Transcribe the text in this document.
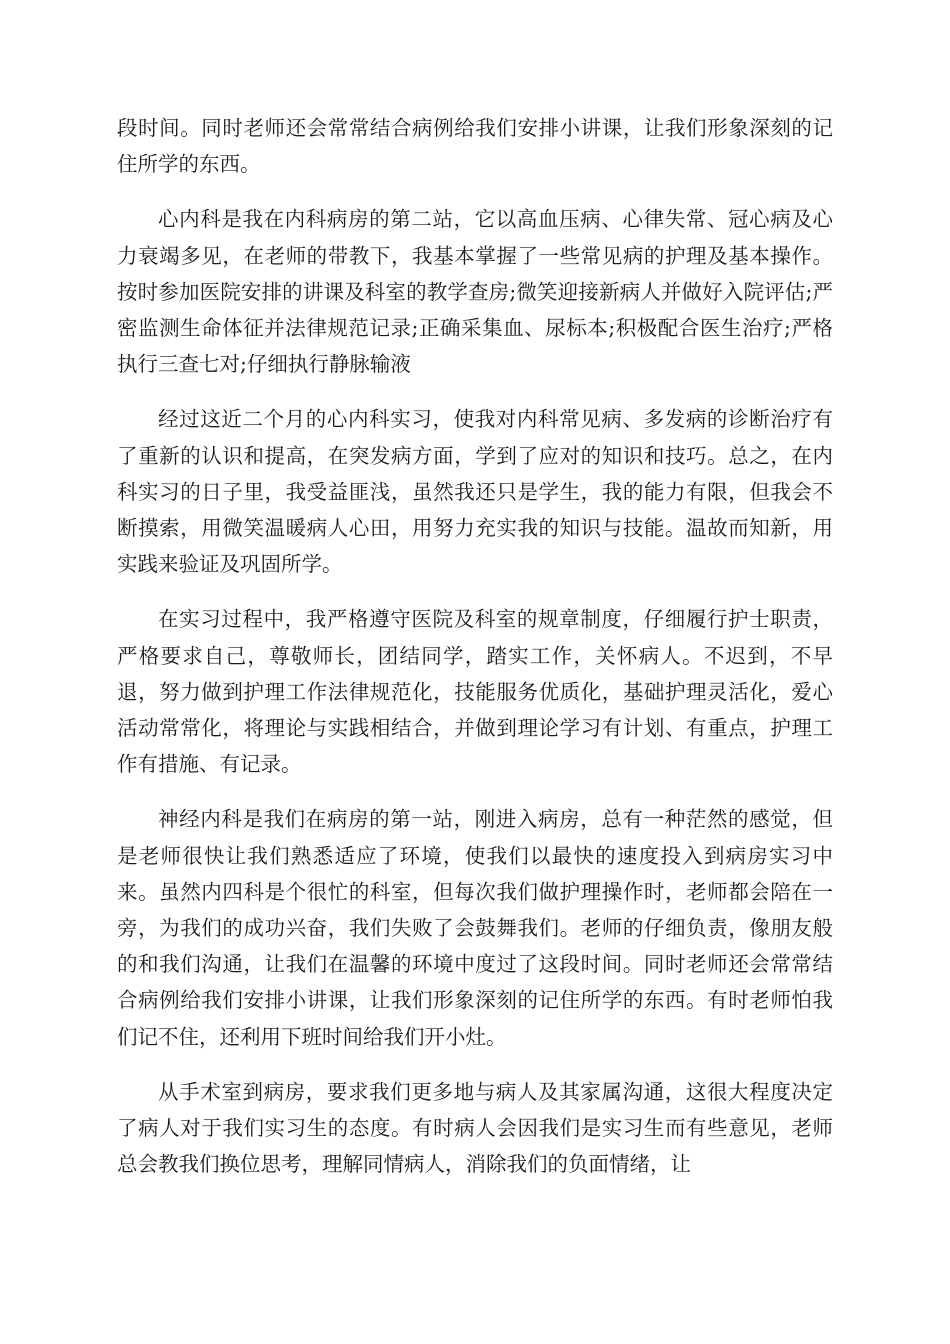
段时间。同时老师还会常常结合病例给我们安排小讲课，让我们形象深刻的记住所学的东西。

心内科是我在内科病房的第二站，它以高血压病、心律失常、冠心病及心力衰竭多见，在老师的带教下，我基本掌握了一些常见病的护理及基本操作。按时参加医院安排的讲课及科室的教学查房;微笑迎接新病人并做好入院评估;严密监测生命体征并法律规范记录;正确采集血、尿标本;积极配合医生治疗;严格执行三查七对;仔细执行静脉输液

经过这近二个月的心内科实习，使我对内科常见病、多发病的诊断治疗有了重新的认识和提高，在突发病方面，学到了应对的知识和技巧。总之，在内科实习的日子里，我受益匪浅，虽然我还只是学生，我的能力有限，但我会不断摸索，用微笑温暖病人心田，用努力充实我的知识与技能。温故而知新，用实践来验证及巩固所学。

在实习过程中，我严格遵守医院及科室的规章制度，仔细履行护士职责，严格要求自己，尊敬师长，团结同学，踏实工作，关怀病人。不迟到，不早退，努力做到护理工作法律规范化，技能服务优质化，基础护理灵活化，爱心活动常常化，将理论与实践相结合，并做到理论学习有计划、有重点，护理工作有措施、有记录。

神经内科是我们在病房的第一站，刚进入病房，总有一种茫然的感觉，但是老师很快让我们熟悉适应了环境，使我们以最快的速度投入到病房实习中来。虽然内四科是个很忙的科室，但每次我们做护理操作时，老师都会陪在一旁，为我们的成功兴奋，我们失败了会鼓舞我们。老师的仔细负责，像朋友般的和我们沟通，让我们在温馨的环境中度过了这段时间。同时老师还会常常结合病例给我们安排小讲课，让我们形象深刻的记住所学的东西。有时老师怕我们记不住，还利用下班时间给我们开小灶。

从手术室到病房，要求我们更多地与病人及其家属沟通，这很大程度决定了病人对于我们实习生的态度。有时病人会因我们是实习生而有些意见，老师总会教我们换位思考，理解同情病人，消除我们的负面情绪，让
